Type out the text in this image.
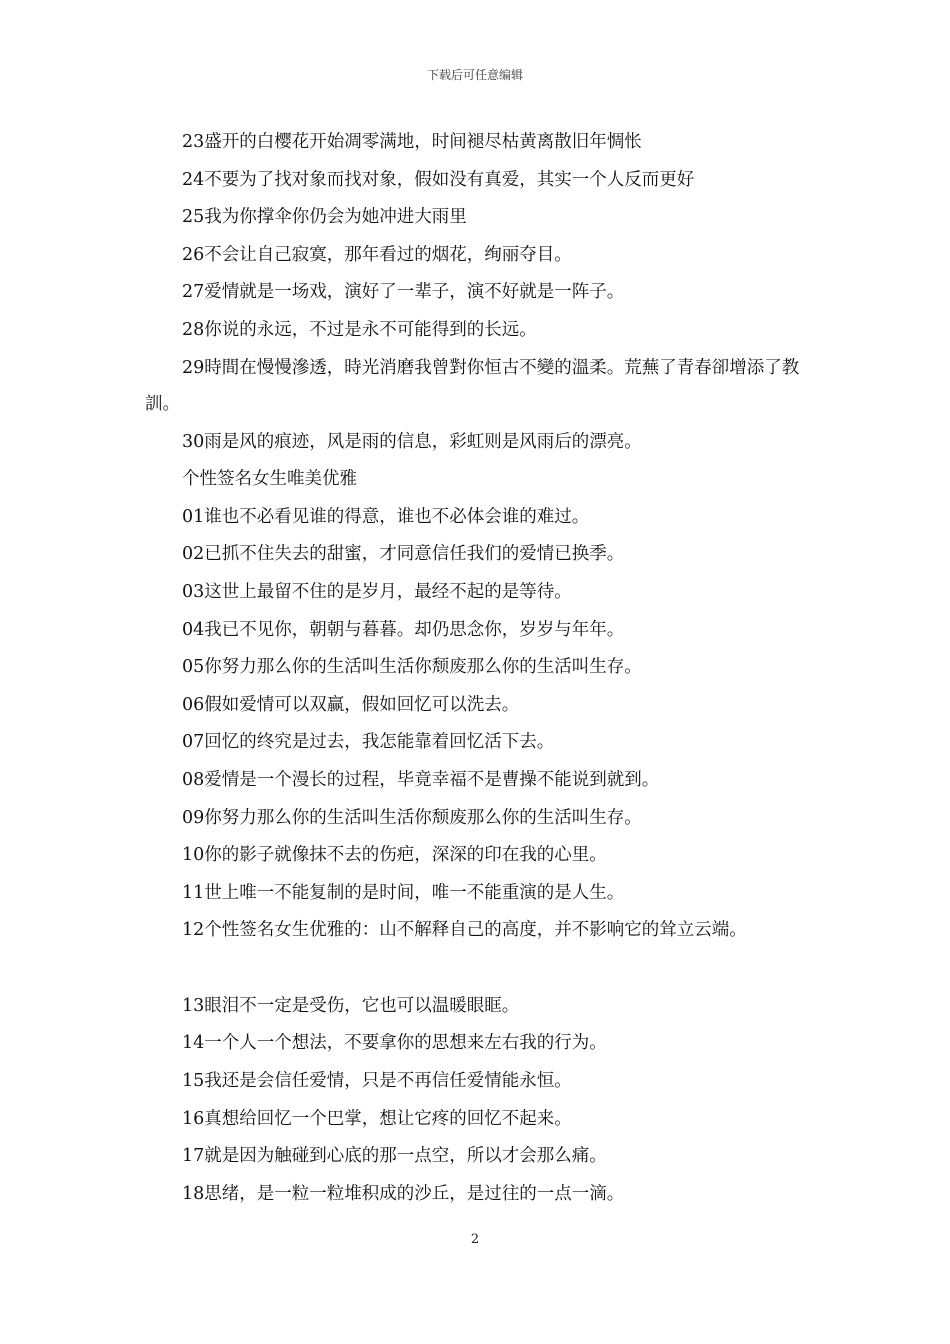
下载后可任意编辑
23盛开的白樱花开始凋零满地，时间褪尽枯黄离散旧年惆怅
24不要为了找对象而找对象，假如没有真爱，其实一个人反而更好
25我为你撑伞你仍会为她冲进大雨里
26不会让自己寂寞，那年看过的烟花，绚丽夺目。
27爱情就是一场戏，演好了一辈子，演不好就是一阵子。
28你说的永远，不过是永不可能得到的长远。
29時間在慢慢滲透，時光消磨我曾對你恒古不變的溫柔。荒蕪了青春卻增添了教訓。
30雨是风的痕迹，风是雨的信息，彩虹则是风雨后的漂亮。
个性签名女生唯美优雅
01谁也不必看见谁的得意，谁也不必体会谁的难过。
02已抓不住失去的甜蜜，才同意信任我们的爱情已换季。
03这世上最留不住的是岁月，最经不起的是等待。
04我已不见你，朝朝与暮暮。却仍思念你，岁岁与年年。
05你努力那么你的生活叫生活你颓废那么你的生活叫生存。
06假如爱情可以双赢，假如回忆可以洗去。
07回忆的终究是过去，我怎能靠着回忆活下去。
08爱情是一个漫长的过程，毕竟幸福不是曹操不能说到就到。
09你努力那么你的生活叫生活你颓废那么你的生活叫生存。
10你的影子就像抹不去的伤疤，深深的印在我的心里。
11世上唯一不能复制的是时间，唯一不能重演的是人生。
12个性签名女生优雅的：山不解释自己的高度，并不影响它的耸立云端。
13眼泪不一定是受伤，它也可以温暖眼眶。
14一个人一个想法，不要拿你的思想来左右我的行为。
15我还是会信任爱情，只是不再信任爱情能永恒。
16真想给回忆一个巴掌，想让它疼的回忆不起来。
17就是因为触碰到心底的那一点空，所以才会那么痛。
18思绪，是一粒一粒堆积成的沙丘，是过往的一点一滴。
2
